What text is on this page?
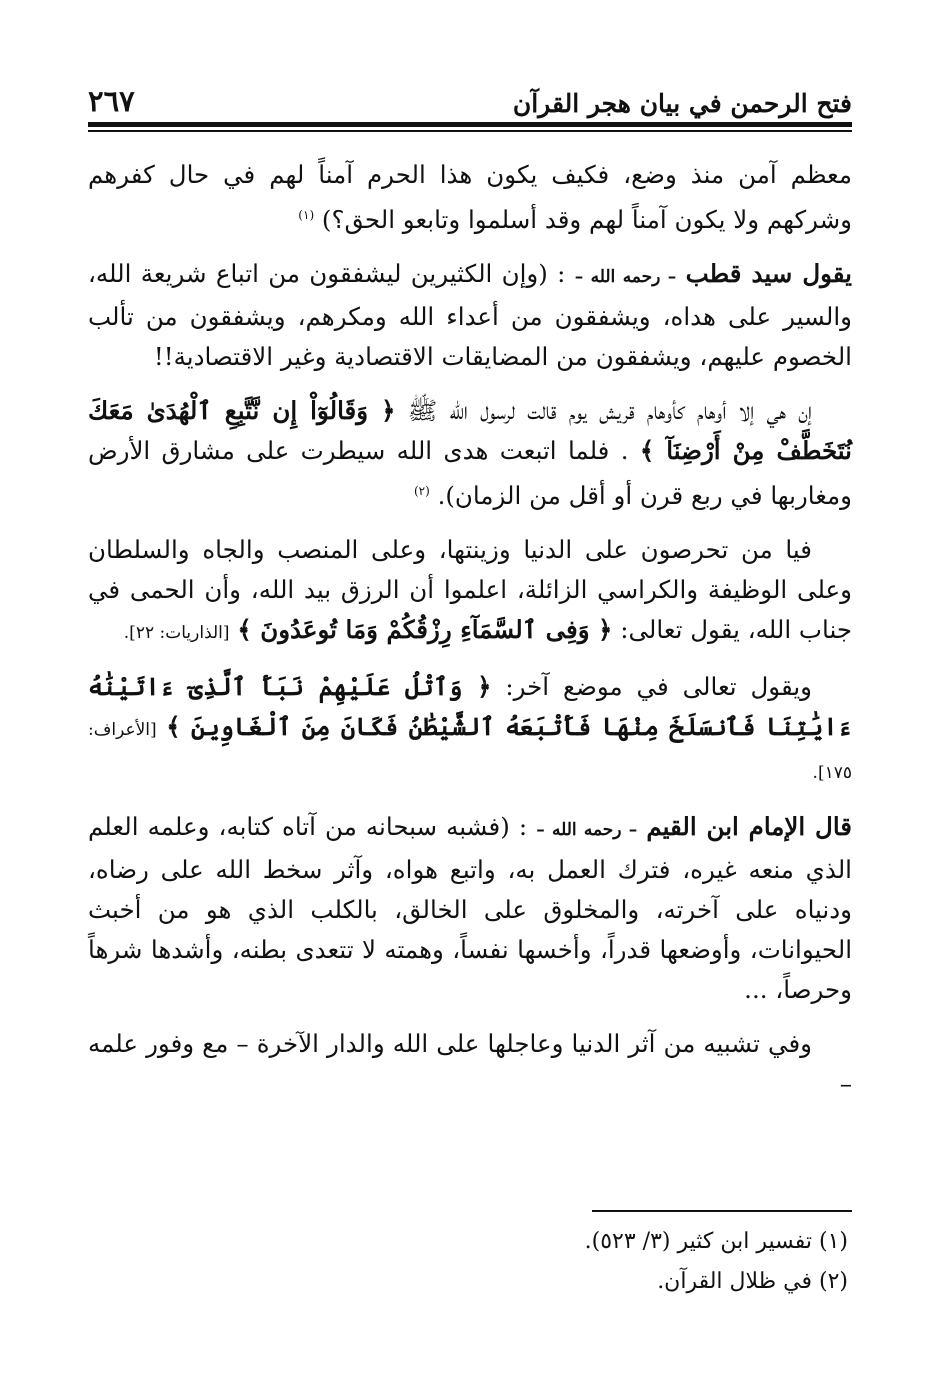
فتح الرحمن في بيان هجر القرآن
٢٦٧

معظم آمن منذ وضع، فكيف يكون هذا الحرم آمناً لهم في حال كفرهم وشركهم ولا يكون آمناً لهم وقد أسلموا وتابعو الحق؟) $^{(١)}$

يقول سيد قطب – رحمه الله – : (وإن الكثيرين ليشفقون من اتباع شريعة الله، والسير على هداه، ويشفقون من أعداء الله ومكرهم، ويشفقون من تألب الخصوم عليهم، ويشفقون من المضايقات الاقتصادية وغير الاقتصادية!!

إن هي إلا أوهام كأوهام قريش يوم قالت لرسول الله ﷺ ﴿ وَقَالُوٓاْ إِن نَّتَّبِعِ ٱلْهُدَىٰ مَعَكَ نُتَخَطَّفْ مِنْ أَرْضِنَآ ﴾ . فلما اتبعت هدى الله سيطرت على مشارق الأرض ومغاربها في ربع قرن أو أقل من الزمان). $^{(٢)}$

فيا من تحرصون على الدنيا وزينتها، وعلى المنصب والجاه والسلطان وعلى الوظيفة والكراسي الزائلة، اعلموا أن الرزق بيد الله، وأن الحمى في جناب الله، يقول تعالى: ﴿ وَفِى ٱلسَّمَآءِ رِزْقُكُمْ وَمَا تُوعَدُونَ ﴾ [الذاريات: ٢٢].

ويقول تعالى في موضع آخر: ﴿ وَٱتْلُ عَلَيْهِمْ نَبَأَ ٱلَّذِىٓ ءَاتَيْنَٰهُ ءَايَٰتِنَا فَٱنسَلَخَ مِنْهَا فَأَتْبَعَهُ ٱلشَّيْطَٰنُ فَكَانَ مِنَ ٱلْغَاوِينَ ﴾ [الأعراف: ١٧٥].

قال الإمام ابن القيم – رحمه الله – : (فشبه سبحانه من آتاه كتابه، وعلمه العلم الذي منعه غيره، فترك العمل به، واتبع هواه، وآثر سخط الله على رضاه، ودنياه على آخرته، والمخلوق على الخالق، بالكلب الذي هو من أخبث الحيوانات، وأوضعها قدراً، وأخسها نفساً، وهمته لا تتعدى بطنه، وأشدها شرهاً وحرصاً، ...

وفي تشبيه من آثر الدنيا وعاجلها على الله والدار الآخرة – مع وفور علمه –

(١) تفسير ابن كثير (٣/ ٥٢٣).

(٢) في ظلال القرآن.
